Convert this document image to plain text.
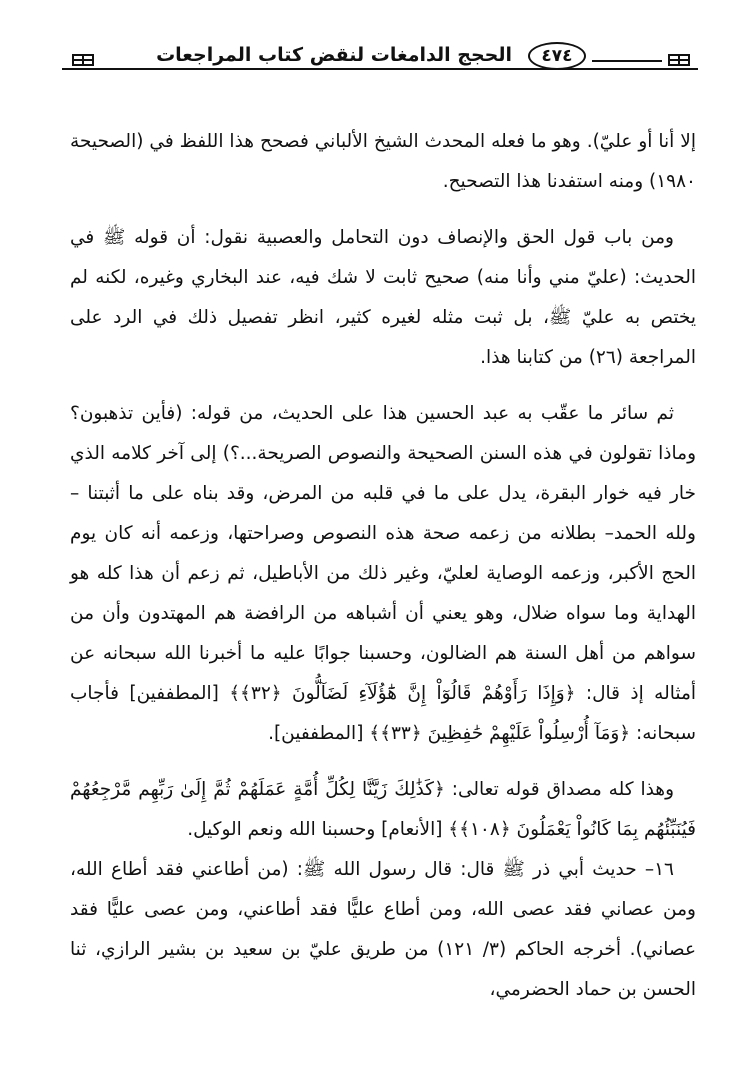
الحجج الدامغات لنقض كتاب المراجعات	٤٧٤

إلا أنا أو عليّ). وهو ما فعله المحدث الشيخ الألباني فصحح هذا اللفظ في (الصحيحة ١٩٨٠) ومنه استفدنا هذا التصحيح.

ومن باب قول الحق والإنصاف دون التحامل والعصبية نقول: أن قوله ﷺ في الحديث: (عليّ مني وأنا منه) صحيح ثابت لا شك فيه، عند البخاري وغيره، لكنه لم يختص به عليّ ﷺ، بل ثبت مثله لغيره كثير، انظر تفصيل ذلك في الرد على المراجعة (٢٦) من كتابنا هذا.

ثم سائر ما عقّب به عبد الحسين هذا على الحديث، من قوله: (فأين تذهبون؟ وماذا تقولون في هذه السنن الصحيحة والنصوص الصريحة...؟) إلى آخر كلامه الذي خار فيه خوار البقرة، يدل على ما في قلبه من المرض، وقد بناه على ما أثبتنا – ولله الحمد– بطلانه من زعمه صحة هذه النصوص وصراحتها، وزعمه أنه كان يوم الحج الأكبر، وزعمه الوصاية لعليّ، وغير ذلك من الأباطيل، ثم زعم أن هذا كله هو الهداية وما سواه ضلال، وهو يعني أن أشباهه من الرافضة هم المهتدون وأن من سواهم من أهل السنة هم الضالون، وحسبنا جوابًا عليه ما أخبرنا الله سبحانه عن أمثاله إذ قال: ﴿وَإِذَا رَأَوْهُمْ قَالُوٓاْ إِنَّ هَٰٓؤُلَآءِ لَضَآلُّونَ ﴿٣٢﴾﴾ [المطففين] فأجاب سبحانه: ﴿وَمَآ أُرْسِلُواْ عَلَيْهِمْ حَٰفِظِينَ ﴿٣٣﴾﴾ [المطففين].

وهذا كله مصداق قوله تعالى: ﴿كَذَٰلِكَ زَيَّنَّا لِكُلِّ أُمَّةٍ عَمَلَهُمْ ثُمَّ إِلَىٰ رَبِّهِم مَّرْجِعُهُمْ فَيُنَبِّئُهُم بِمَا كَانُواْ يَعْمَلُونَ ﴿١٠٨﴾﴾ [الأنعام] وحسبنا الله ونعم الوكيل.

١٦– حديث أبي ذر ﷺ قال: قال رسول الله ﷺ: (من أطاعني فقد أطاع الله، ومن عصاني فقد عصى الله، ومن أطاع عليًّا فقد أطاعني، ومن عصى عليًّا فقد عصاني). أخرجه الحاكم (٣/ ١٢١) من طريق عليّ بن سعيد بن بشير الرازي، ثنا الحسن بن حماد الحضرمي،
